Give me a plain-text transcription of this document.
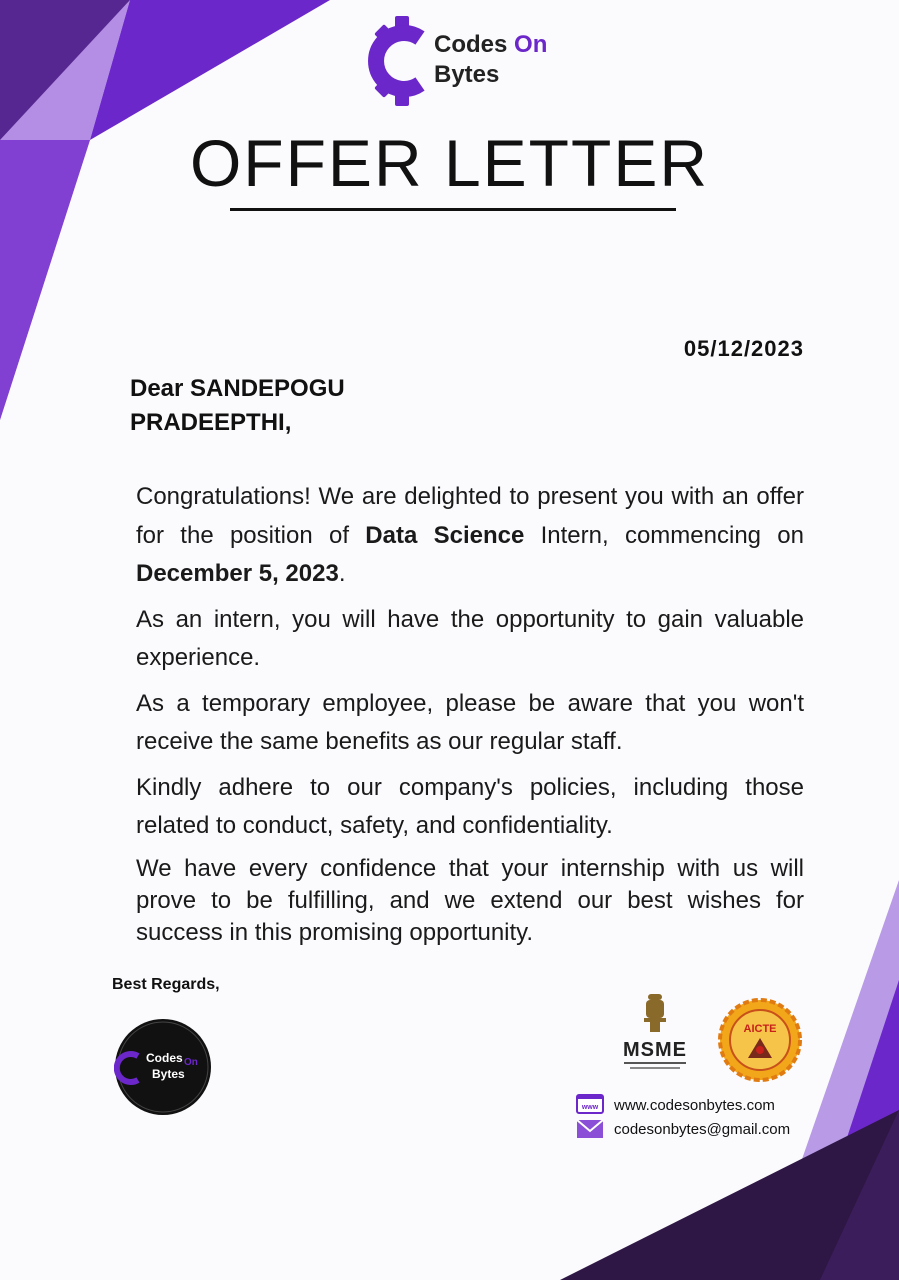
Codes On
Bytes
OFFER LETTER
05/12/2023
Dear SANDEPOGU
PRADEEPTHI,

Congratulations! We are delighted to present you with an offer for the position of Data Science Intern, commencing on December 5, 2023.

As an intern, you will have the opportunity to gain valuable experience.

As a temporary employee, please be aware that you won't receive the same benefits as our regular staff.

Kindly adhere to our company's policies, including those related to conduct, safety, and confidentiality.

We have every confidence that your internship with us will prove to be fulfilling, and we extend our best wishes for success in this promising opportunity.

Best Regards,
Codes On
Bytes
MSME
AICTE
www www.codesonbytes.com
codesonbytes@gmail.com
